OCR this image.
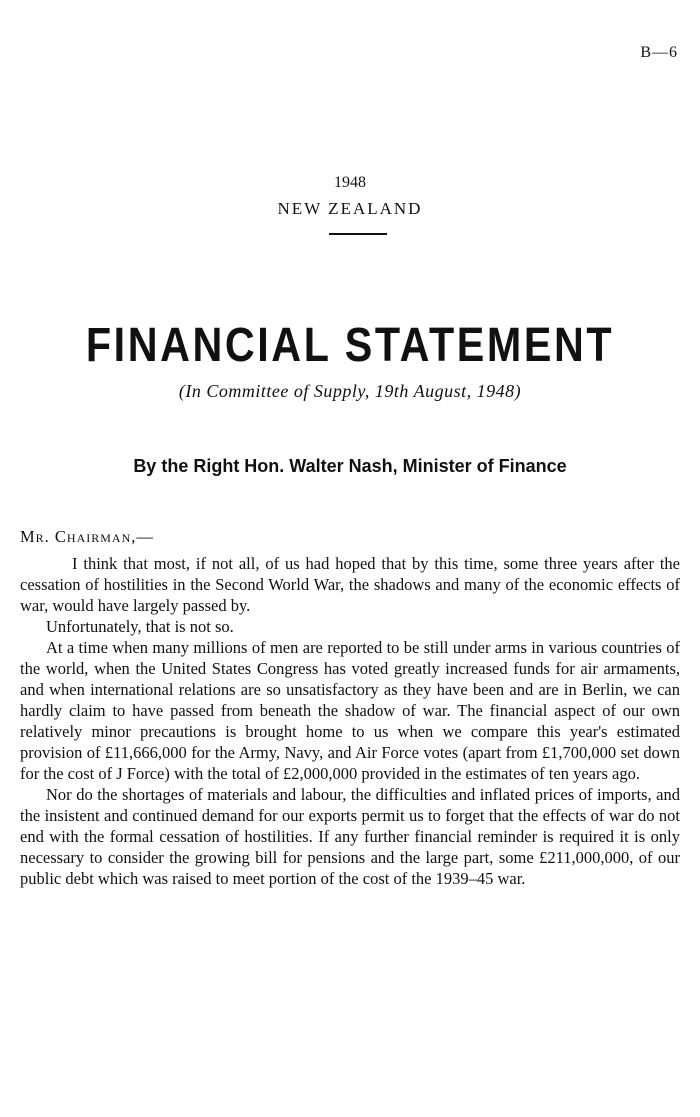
B—6
1948
NEW ZEALAND
FINANCIAL STATEMENT
(In Committee of Supply, 19th August, 1948)
By the Right Hon. Walter Nash, Minister of Finance
Mr. Chairman,—

I think that most, if not all, of us had hoped that by this time, some three years after the cessation of hostilities in the Second World War, the shadows and many of the economic effects of war, would have largely passed by.

Unfortunately, that is not so.

At a time when many millions of men are reported to be still under arms in various countries of the world, when the United States Congress has voted greatly increased funds for air armaments, and when international relations are so unsatisfactory as they have been and are in Berlin, we can hardly claim to have passed from beneath the shadow of war. The financial aspect of our own relatively minor precautions is brought home to us when we compare this year's estimated provision of £11,666,000 for the Army, Navy, and Air Force votes (apart from £1,700,000 set down for the cost of J Force) with the total of £2,000,000 provided in the estimates of ten years ago.

Nor do the shortages of materials and labour, the difficulties and inflated prices of imports, and the insistent and continued demand for our exports permit us to forget that the effects of war do not end with the formal cessation of hostilities. If any further financial reminder is required it is only necessary to consider the growing bill for pensions and the large part, some £211,000,000, of our public debt which was raised to meet portion of the cost of the 1939–45 war.
